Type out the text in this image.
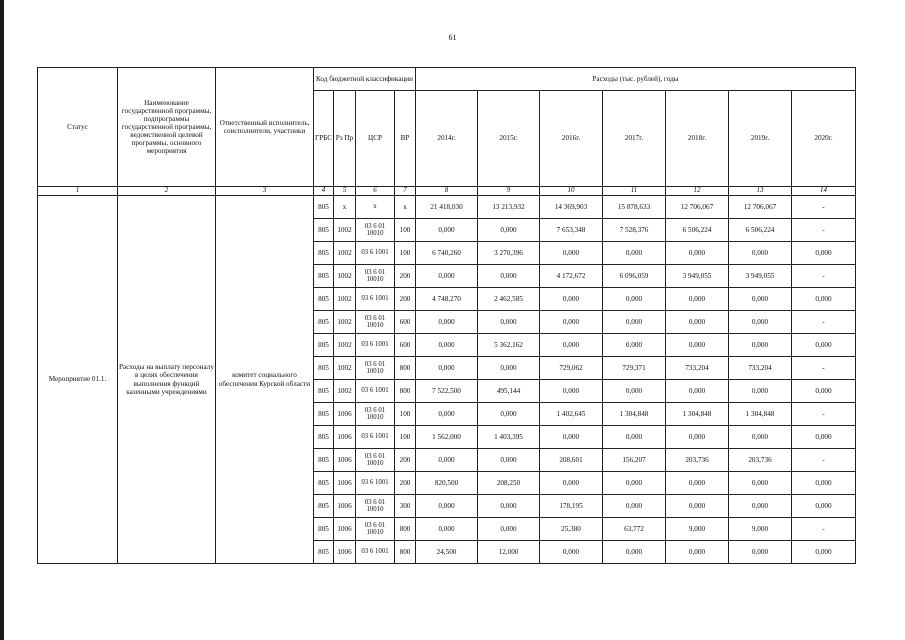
61
Статус	Наименование государственной программы, подпрограммы государственной программы, ведомственной целевой программы, основного мероприятия	Ответственный исполнитель, соисполнители, участники	Код бюджетной классификации				Расходы (тыс. рублей), годы						
			ГРБС	Рз Пр	ЦСР	ВР	2014г.	2015г.	2016г.	2017г.	2018г.	2019г.	2020г.
1	2	3	4	5	6	7	8	9	10	11	12	13	14
Мероприятие 01.1.	Расходы на выплату персоналу в целях обеспечения выполнения функций казенными учреждениями	комитет социального обеспечения Курской области	805	x	x	x	21 418,030	13 213,932	14 369,903	15 878,633	12 706,067	12 706,067	-
			805	1002	03 6 01 10010	100	0,000	0,000	7 653,348	7 528,376	6 506,224	6 506,224	-
			805	1002	03 6 1001	100	6 740,260	3 270,396	0,000	0,000	0,000	0,000	0,000
			805	1002	03 6 01 10010	200	0,000	0,000	4 172,672	6 096,059	3 949,055	3 949,055	-
			805	1002	03 6 1001	200	4 748,270	2 462,585	0,000	0,000	0,000	0,000	0,000
			805	1002	03 6 01 10010	600	0,000	0,000	0,000	0,000	0,000	0,000	-
			805	1002	03 6 1001	600	0,000	5 362,162	0,000	0,000	0,000	0,000	0,000
			805	1002	03 6 01 10010	800	0,000	0,000	729,062	729,371	733,204	733,204	-
			805	1002	03 6 1001	800	7 522,500	495,144	0,000	0,000	0,000	0,000	0,000
			805	1006	03 6 01 10010	100	0,000	0,000	1 402,645	1 304,848	1 304,848	1 304,848	-
			805	1006	03 6 1001	100	1 562,000	1 403,395	0,000	0,000	0,000	0,000	0,000
			805	1006	03 6 01 10010	200	0,000	0,000	208,601	156,207	203,736	203,736	-
			805	1006	03 6 1001	200	820,500	208,250	0,000	0,000	0,000	0,000	0,000
			805	1006	03 6 01 10010	300	0,000	0,000	178,195	0,000	0,000	0,000	0,000
			805	1006	03 6 01 10010	800	0,000	0,000	25,380	63,772	9,000	9,000	-
			805	1006	03 6 1001	800	24,500	12,000	0,000	0,000	0,000	0,000	0,000
